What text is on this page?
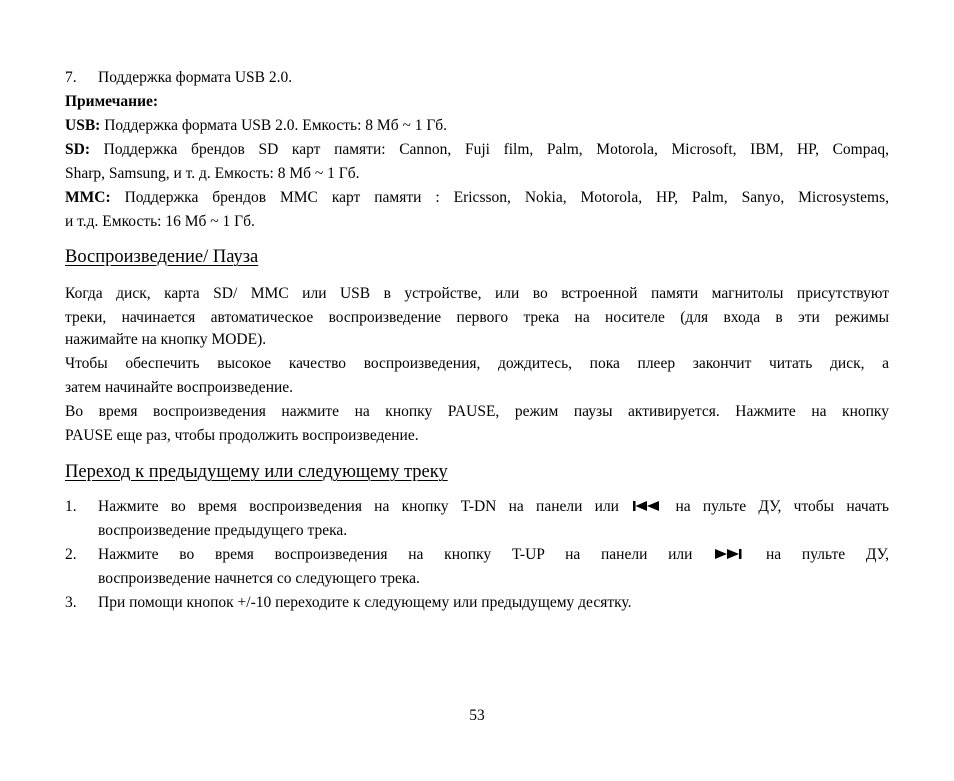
7. Поддержка формата USB 2.0.
Примечание:
USB: Поддержка формата USB 2.0. Емкость: 8 Мб ~ 1 Гб.
SD: Поддержка брендов SD карт памяти: Cannon, Fuji film, Palm, Motorola, Microsoft, IBM, HP, Compaq,
Sharp, Samsung, и т. д. Емкость: 8 Мб ~ 1 Гб.
MMC: Поддержка брендов MMC карт памяти : Ericsson, Nokia, Motorola, HP, Palm, Sanyo, Microsystems,
и т.д. Емкость: 16 Мб ~ 1 Гб.
Воспроизведение/ Пауза
Когда диск, карта SD/ MMC или USB в устройстве, или во встроенной памяти магнитолы присутствуют
треки, начинается автоматическое воспроизведение первого трека на носителе (для входа в эти режимы
нажимайте на кнопку MODE).
Чтобы обеспечить высокое качество воспроизведения, дождитесь, пока плеер закончит читать диск, а
затем начинайте воспроизведение.
Во время воспроизведения нажмите на кнопку PAUSE, режим паузы активируется. Нажмите на кнопку
PAUSE еще раз, чтобы продолжить воспроизведение.
Переход к предыдущему или следующему треку
1. Нажмите во время воспроизведения на кнопку T-DN на панели или  на пульте ДУ, чтобы начать
воспроизведение предыдущего трека.
2. Нажмите во время воспроизведения на кнопку T-UP на панели или  на пульте ДУ,
воспроизведение начнется со следующего трека.
3. При помощи кнопок +/-10 переходите к следующему или предыдущему десятку.
53
